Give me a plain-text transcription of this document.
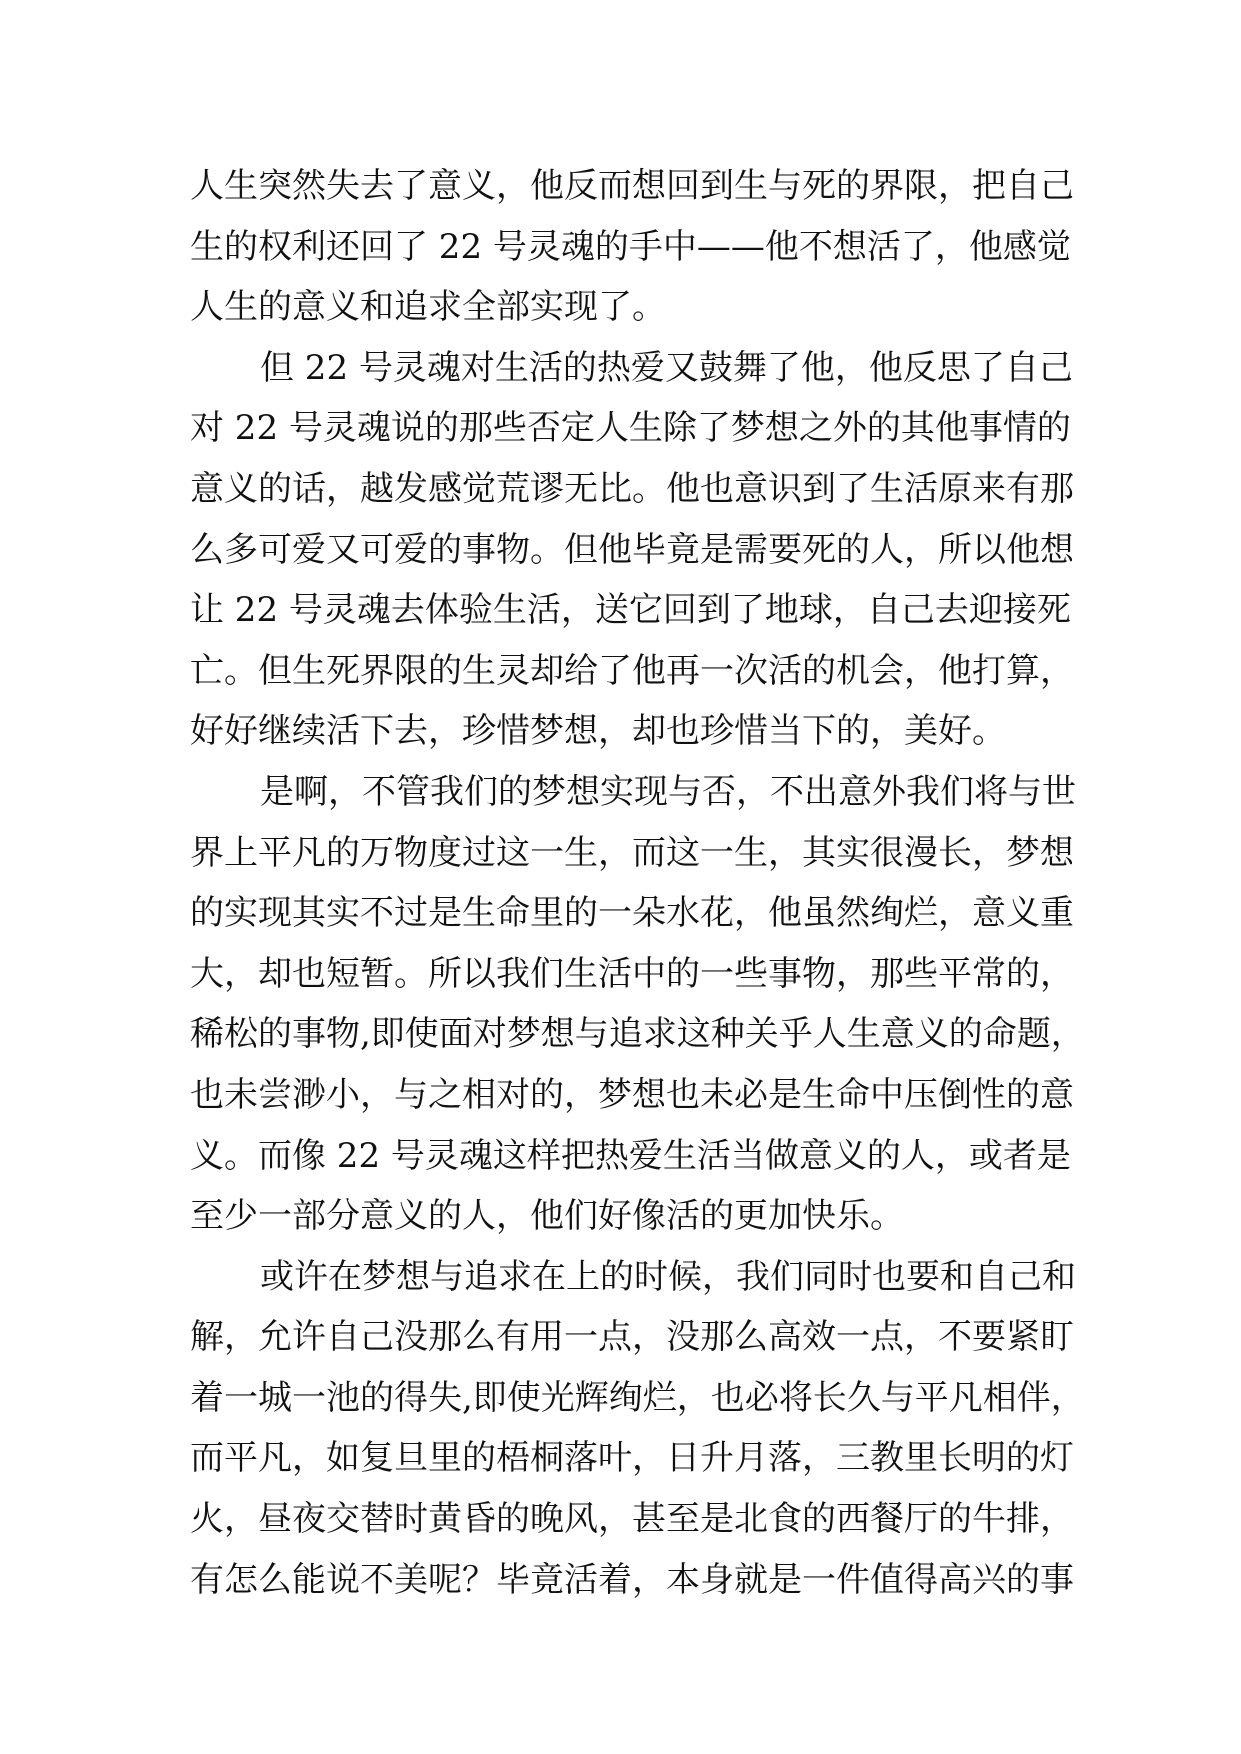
人生突然失去了意义，他反而想回到生与死的界限，把自己
生的权利还回了 22 号灵魂的手中——他不想活了，他感觉
人生的意义和追求全部实现了。
但 22 号灵魂对生活的热爱又鼓舞了他，他反思了自己
对 22 号灵魂说的那些否定人生除了梦想之外的其他事情的
意义的话，越发感觉荒谬无比。他也意识到了生活原来有那
么多可爱又可爱的事物。但他毕竟是需要死的人，所以他想
让 22 号灵魂去体验生活，送它回到了地球，自己去迎接死
亡。但生死界限的生灵却给了他再一次活的机会，他打算，
好好继续活下去，珍惜梦想，却也珍惜当下的，美好。
是啊，不管我们的梦想实现与否，不出意外我们将与世
界上平凡的万物度过这一生，而这一生，其实很漫长，梦想
的实现其实不过是生命里的一朵水花，他虽然绚烂，意义重
大，却也短暂。所以我们生活中的一些事物，那些平常的，
稀松的事物,即使面对梦想与追求这种关乎人生意义的命题，
也未尝渺小，与之相对的，梦想也未必是生命中压倒性的意
义。而像 22 号灵魂这样把热爱生活当做意义的人，或者是
至少一部分意义的人，他们好像活的更加快乐。
或许在梦想与追求在上的时候，我们同时也要和自己和
解，允许自己没那么有用一点，没那么高效一点，不要紧盯
着一城一池的得失,即使光辉绚烂，也必将长久与平凡相伴，
而平凡，如复旦里的梧桐落叶，日升月落，三教里长明的灯
火，昼夜交替时黄昏的晚风，甚至是北食的西餐厅的牛排，
有怎么能说不美呢？毕竟活着，本身就是一件值得高兴的事
